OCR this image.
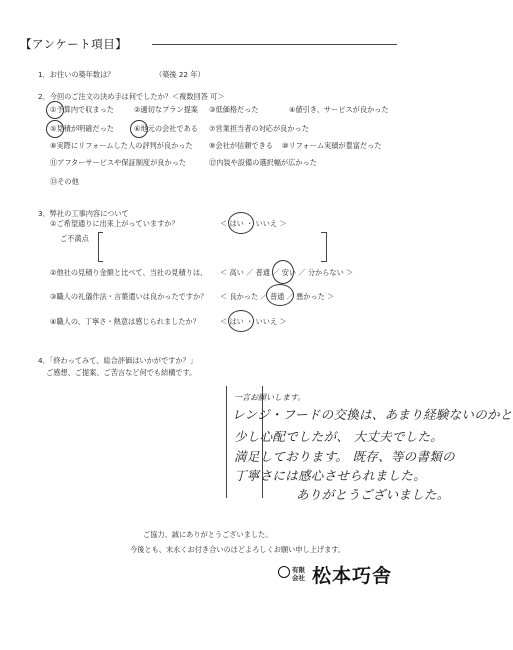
【アンケート項目】
1．お住いの築年数は？	（築後 22 年）
2．今回のご注文の決め手は何でしたか？＜複数回答 可＞
①予算内で収まった	②適切なプラン提案 ③低価格だった	④値引き、サービスが良かった
⑤見積が明確だった	⑥地元の会社である ⑦営業担当者の対応が良かった
⑧実際にリフォームした人の評判が良かった ⑨会社が信頼できる ⑩リフォーム実績が豊富だった
⑪アフターサービスや保証制度が良かった	⑫内装や設備の選択幅が広かった
⑬その他
3．弊社の工事内容について
①ご希望通りに出来上がっていますか？	＜ はい ・ いいえ ＞
ご不満点
②他社の見積り金額と比べて、当社の見積りは、 ＜ 高い ／ 普通 ／ 安い ／ 分からない ＞
③職人の礼儀作法・言葉遣いは良かったですか？ ＜ 良かった ／ 普通 ／ 悪かった ＞
④職人の、丁寧さ・熱意は感じられましたか？	＜ はい ・ いいえ ＞
4．「終わってみて、総合評価はいかがですか？」
ご感想、ご提案、ご苦言など何でも結構です。
一言お願いします。
レンジ・フードの交換は、あまり経験ないのかと
少し心配でしたが、 大丈夫でした。
満足しております。 既存、等の書類の
丁寧さには感心させられました。
ありがとうございました。
ご協力、誠にありがとうございました。
今後とも、末永くお付き合いのほどよろしくお願い申し上げます。
有限会社 松本巧舎
